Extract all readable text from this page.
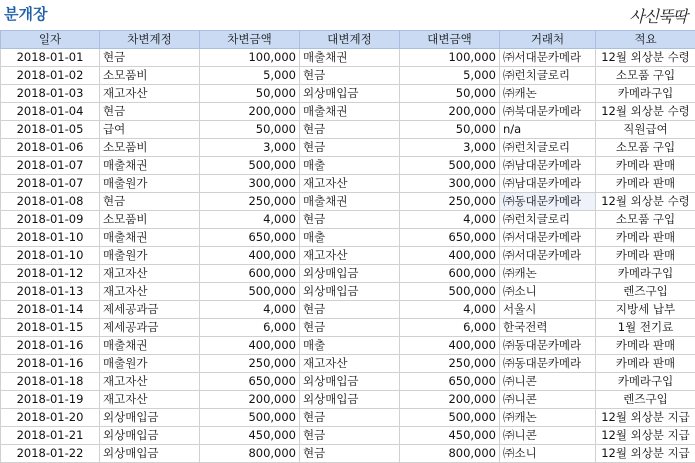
분개장	사신뚝딱
일자	차변계정	차변금액	대변계정	대변금액	거래처	적요
2018-01-01	현금	100,000	매출채권	100,000	㈜서대문카메라	12월 외상분 수령
2018-01-02	소모품비	5,000	현금	5,000	㈜런치글로리	소모품 구입
2018-01-03	재고자산	50,000	외상매입금	50,000	㈜캐논	카메라구입
2018-01-04	현금	200,000	매출채권	200,000	㈜북대문카메라	12월 외상분 수령
2018-01-05	급여	50,000	현금	50,000	n/a	직원급여
2018-01-06	소모품비	3,000	현금	3,000	㈜런치글로리	소모품 구입
2018-01-07	매출채권	500,000	매출	500,000	㈜남대문카메라	카메라 판매
2018-01-07	매출원가	300,000	재고자산	300,000	㈜남대문카메라	카메라 판매
2018-01-08	현금	250,000	매출채권	250,000	㈜동대문카메라	12월 외상분 수령
2018-01-09	소모품비	4,000	현금	4,000	㈜런치글로리	소모품 구입
2018-01-10	매출채권	650,000	매출	650,000	㈜서대문카메라	카메라 판매
2018-01-10	매출원가	400,000	재고자산	400,000	㈜서대문카메라	카메라 판매
2018-01-12	재고자산	600,000	외상매입금	600,000	㈜캐논	카메라구입
2018-01-13	재고자산	500,000	외상매입금	500,000	㈜소니	렌즈구입
2018-01-14	제세공과금	4,000	현금	4,000	서울시	지방세 납부
2018-01-15	제세공과금	6,000	현금	6,000	한국전력	1월 전기료
2018-01-16	매출채권	400,000	매출	400,000	㈜동대문카메라	카메라 판매
2018-01-16	매출원가	250,000	재고자산	250,000	㈜동대문카메라	카메라 판매
2018-01-18	재고자산	650,000	외상매입금	650,000	㈜니콘	카메라구입
2018-01-19	재고자산	200,000	외상매입금	200,000	㈜니콘	렌즈구입
2018-01-20	외상매입금	500,000	현금	500,000	㈜캐논	12월 외상분 지급
2018-01-21	외상매입금	450,000	현금	450,000	㈜니콘	12월 외상분 지급
2018-01-22	외상매입금	800,000	현금	800,000	㈜소니	12월 외상분 지급
